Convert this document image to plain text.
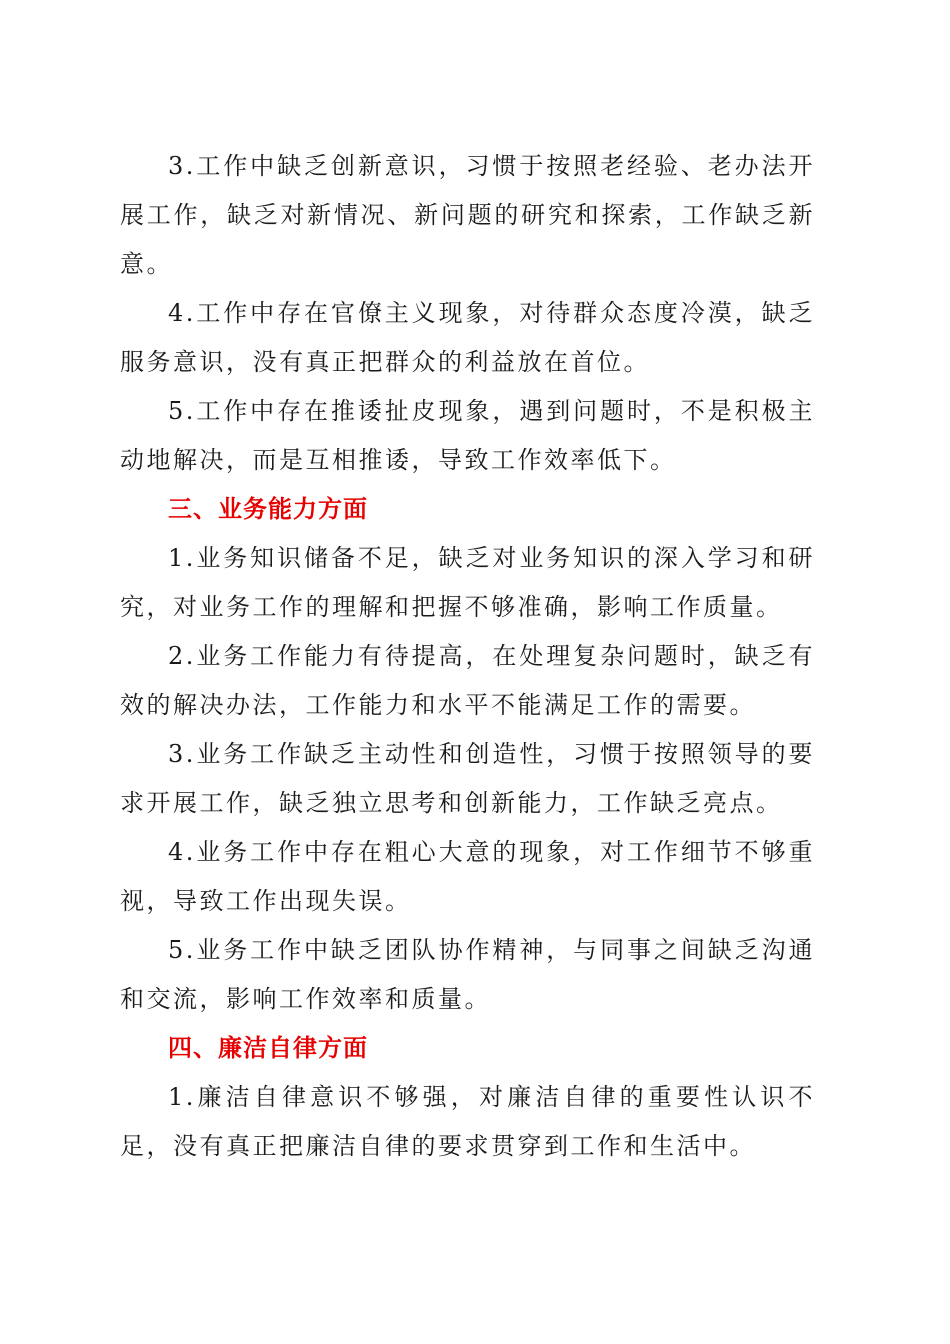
3.工作中缺乏创新意识，习惯于按照老经验、老办法开展工作，缺乏对新情况、新问题的研究和探索，工作缺乏新意。

4.工作中存在官僚主义现象，对待群众态度冷漠，缺乏服务意识，没有真正把群众的利益放在首位。

5.工作中存在推诿扯皮现象，遇到问题时，不是积极主动地解决，而是互相推诿，导致工作效率低下。

三、业务能力方面

1.业务知识储备不足，缺乏对业务知识的深入学习和研究，对业务工作的理解和把握不够准确，影响工作质量。

2.业务工作能力有待提高，在处理复杂问题时，缺乏有效的解决办法，工作能力和水平不能满足工作的需要。

3.业务工作缺乏主动性和创造性，习惯于按照领导的要求开展工作，缺乏独立思考和创新能力，工作缺乏亮点。

4.业务工作中存在粗心大意的现象，对工作细节不够重视，导致工作出现失误。

5.业务工作中缺乏团队协作精神，与同事之间缺乏沟通和交流，影响工作效率和质量。

四、廉洁自律方面

1.廉洁自律意识不够强，对廉洁自律的重要性认识不足，没有真正把廉洁自律的要求贯穿到工作和生活中。
